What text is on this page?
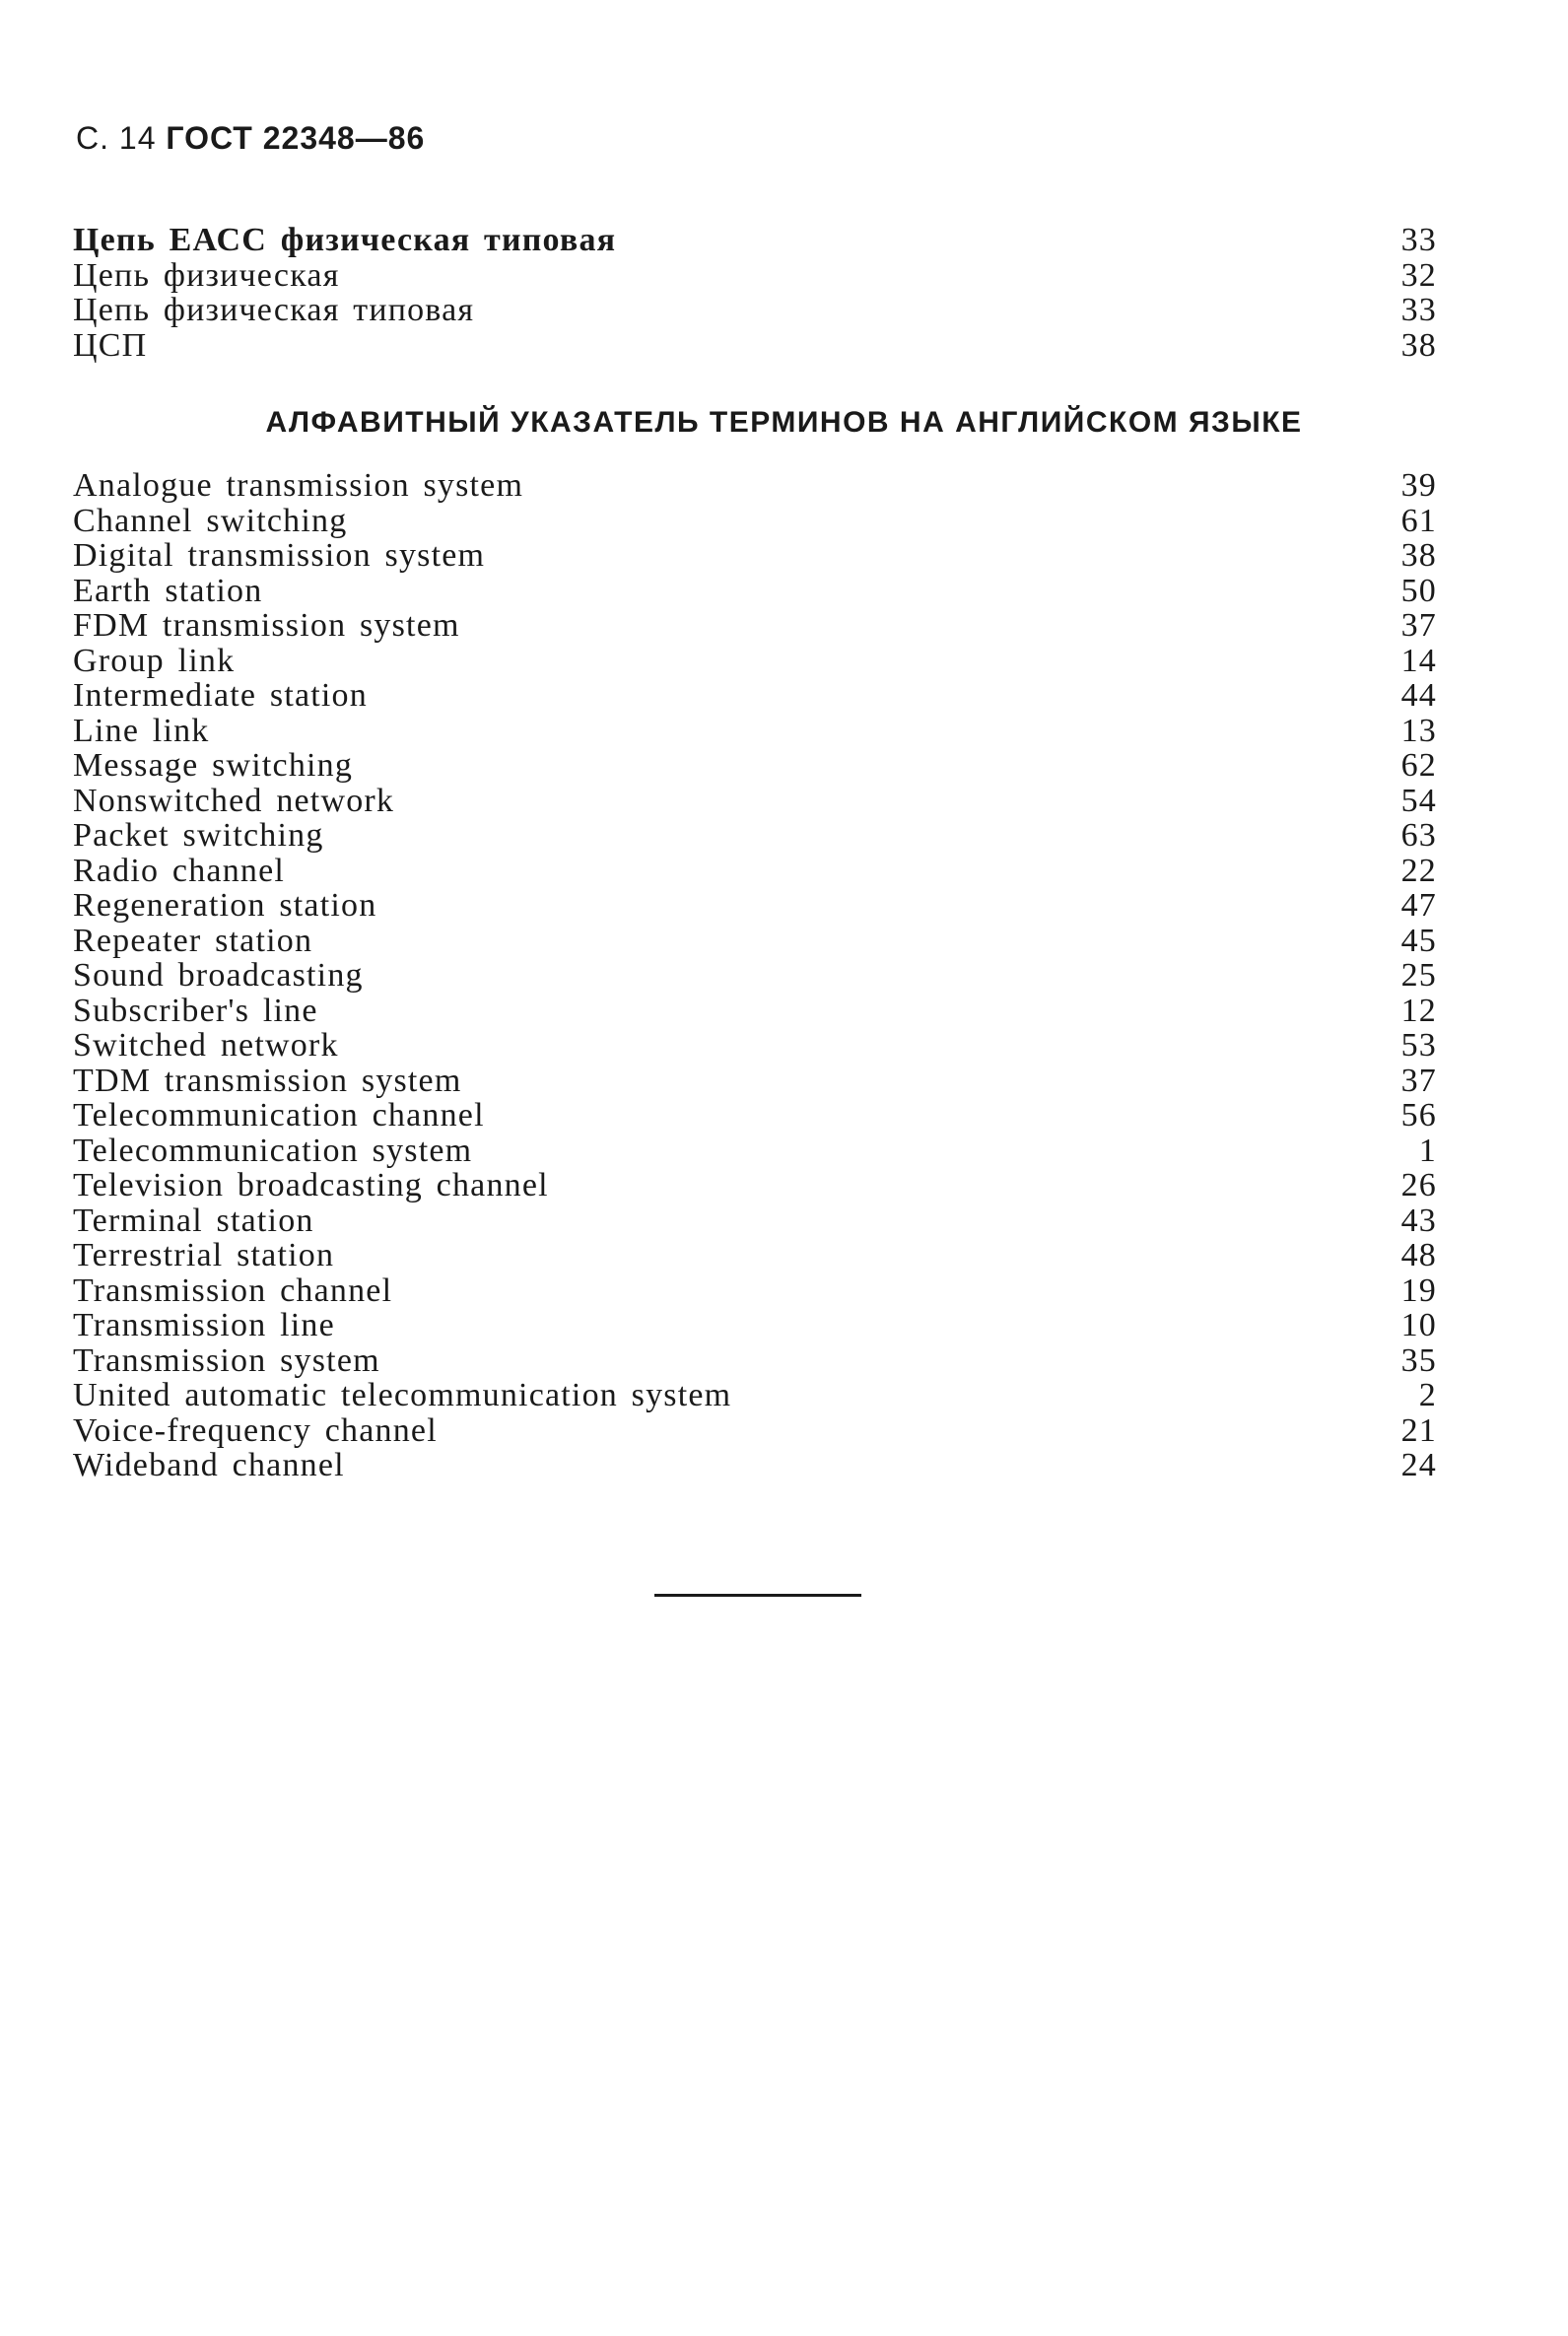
С. 14 ГОСТ 22348—86
Цепь ЕАСС физическая типовая	33
Цепь физическая	32
Цепь физическая типовая	33
ЦСП	38
АЛФАВИТНЫЙ УКАЗАТЕЛЬ ТЕРМИНОВ НА АНГЛИЙСКОМ ЯЗЫКЕ
Analogue transmission system	39
Channel switching	61
Digital transmission system	38
Earth station	50
FDM transmission system	37
Group link	14
Intermediate station	44
Line link	13
Message switching	62
Nonswitched network	54
Packet switching	63
Radio channel	22
Regeneration station	47
Repeater station	45
Sound broadcasting	25
Subscriber's line	12
Switched network	53
TDM transmission system	37
Telecommunication channel	56
Telecommunication system	1
Television broadcasting channel	26
Terminal station	43
Terrestrial station	48
Transmission channel	19
Transmission line	10
Transmission system	35
United automatic telecommunication system	2
Voice-frequency channel	21
Wideband channel	24
